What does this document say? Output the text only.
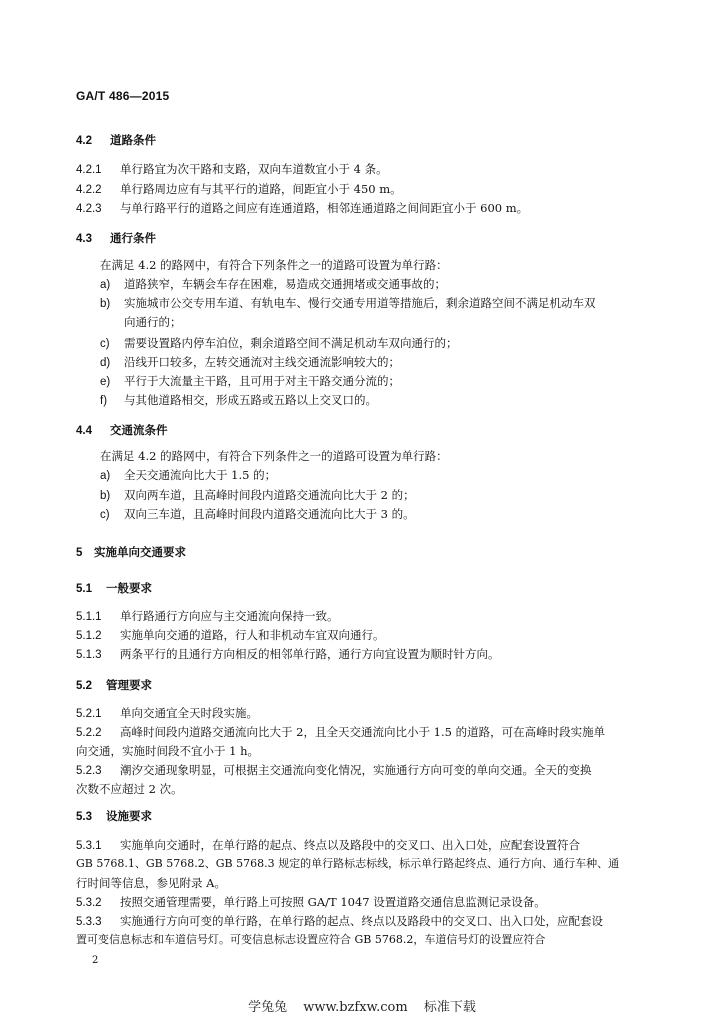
GA/T 486—2015
4.2 道路条件
4.2.1 单行路宜为次干路和支路，双向车道数宜小于 4 条。
4.2.2 单行路周边应有与其平行的道路，间距宜小于 450 m。
4.2.3 与单行路平行的道路之间应有连通道路，相邻连通道路之间间距宜小于 600 m。
4.3 通行条件
在满足 4.2 的路网中，有符合下列条件之一的道路可设置为单行路：
a) 道路狭窄，车辆会车存在困难，易造成交通拥堵或交通事故的；
b) 实施城市公交专用车道、有轨电车、慢行交通专用道等措施后，剩余道路空间不满足机动车双
向通行的；
c) 需要设置路内停车泊位，剩余道路空间不满足机动车双向通行的；
d) 沿线开口较多，左转交通流对主线交通流影响较大的；
e) 平行于大流量主干路，且可用于对主干路交通分流的；
f) 与其他道路相交，形成五路或五路以上交叉口的。
4.4 交通流条件
在满足 4.2 的路网中，有符合下列条件之一的道路可设置为单行路：
a) 全天交通流向比大于 1.5 的；
b) 双向两车道，且高峰时间段内道路交通流向比大于 2 的；
c) 双向三车道，且高峰时间段内道路交通流向比大于 3 的。
5 实施单向交通要求
5.1 一般要求
5.1.1 单行路通行方向应与主交通流向保持一致。
5.1.2 实施单向交通的道路，行人和非机动车宜双向通行。
5.1.3 两条平行的且通行方向相反的相邻单行路，通行方向宜设置为顺时针方向。
5.2 管理要求
5.2.1 单向交通宜全天时段实施。
5.2.2 高峰时间段内道路交通流向比大于 2，且全天交通流向比小于 1.5 的道路，可在高峰时段实施单
向交通，实施时间段不宜小于 1 h。
5.2.3 潮汐交通现象明显，可根据主交通流向变化情况，实施通行方向可变的单向交通。全天的变换
次数不应超过 2 次。
5.3 设施要求
5.3.1 实施单向交通时，在单行路的起点、终点以及路段中的交叉口、出入口处，应配套设置符合
GB 5768.1、GB 5768.2、GB 5768.3 规定的单行路标志标线，标示单行路起终点、通行方向、通行车种、通
行时间等信息，参见附录 A。
5.3.2 按照交通管理需要，单行路上可按照 GA/T 1047 设置道路交通信息监测记录设备。
5.3.3 实施通行方向可变的单行路，在单行路的起点、终点以及路段中的交叉口、出入口处，应配套设
置可变信息标志和车道信号灯。可变信息标志设置应符合 GB 5768.2，车道信号灯的设置应符合
2
学兔兔 www.bzfxw.com 标准下载
